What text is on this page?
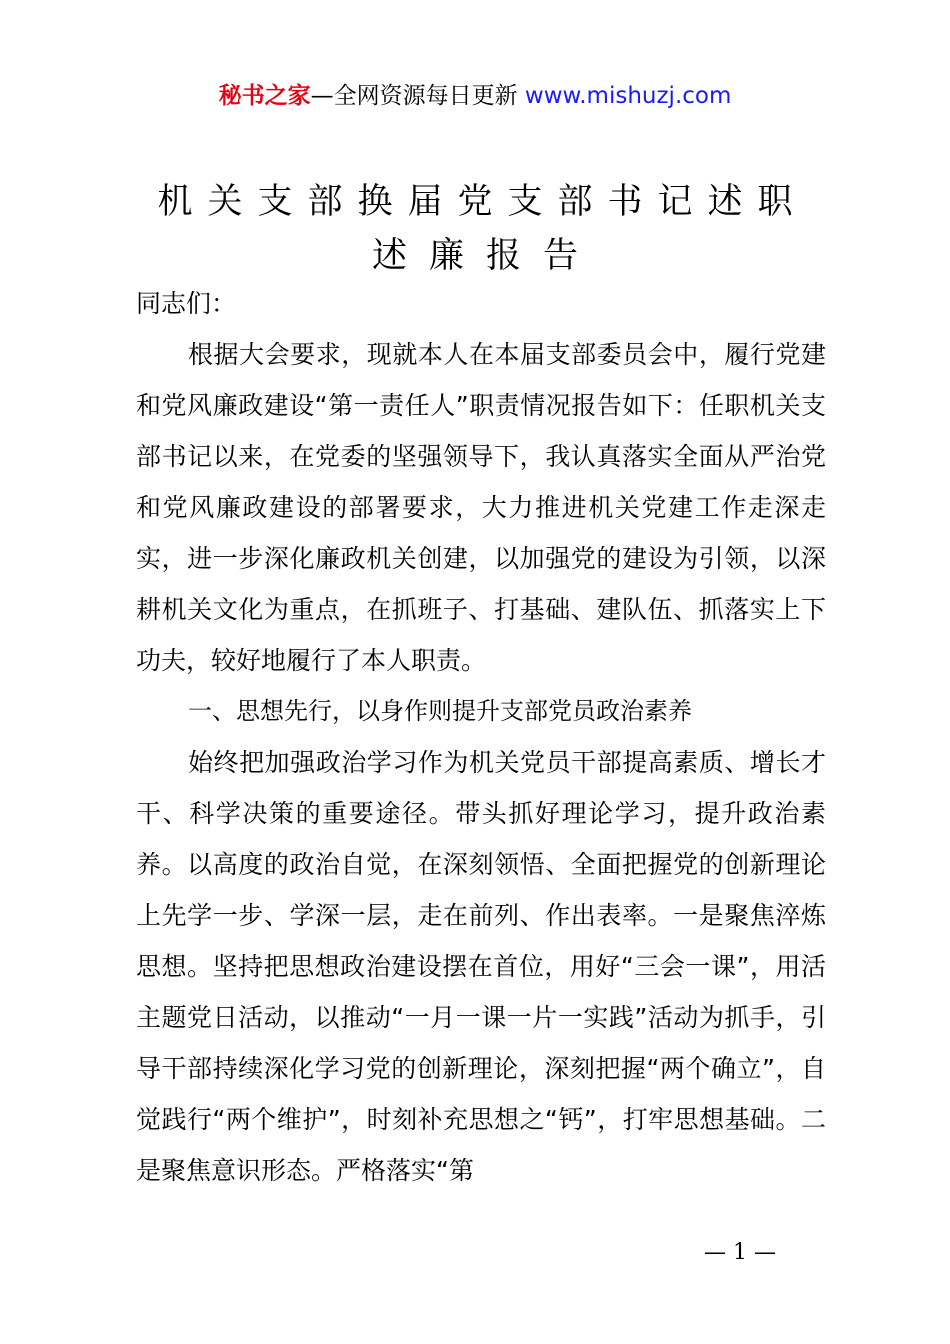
秘书之家—全网资源每日更新 www.mishuzj.com
机关支部换届党支部书记述职
述廉报告

同志们：

根据大会要求，现就本人在本届支部委员会中，履行党建和党风廉政建设“第一责任人”职责情况报告如下：任职机关支部书记以来，在党委的坚强领导下，我认真落实全面从严治党和党风廉政建设的部署要求，大力推进机关党建工作走深走实，进一步深化廉政机关创建，以加强党的建设为引领，以深耕机关文化为重点，在抓班子、打基础、建队伍、抓落实上下功夫，较好地履行了本人职责。

一、思想先行，以身作则提升支部党员政治素养

始终把加强政治学习作为机关党员干部提高素质、增长才干、科学决策的重要途径。带头抓好理论学习，提升政治素养。以高度的政治自觉，在深刻领悟、全面把握党的创新理论上先学一步、学深一层，走在前列、作出表率。一是聚焦淬炼思想。坚持把思想政治建设摆在首位，用好“三会一课”，用活主题党日活动，以推动“一月一课一片一实践”活动为抓手，引导干部持续深化学习党的创新理论，深刻把握“两个确立”，自觉践行“两个维护”，时刻补充思想之“钙”，打牢思想基础。二是聚焦意识形态。严格落实“第

— 1 —
